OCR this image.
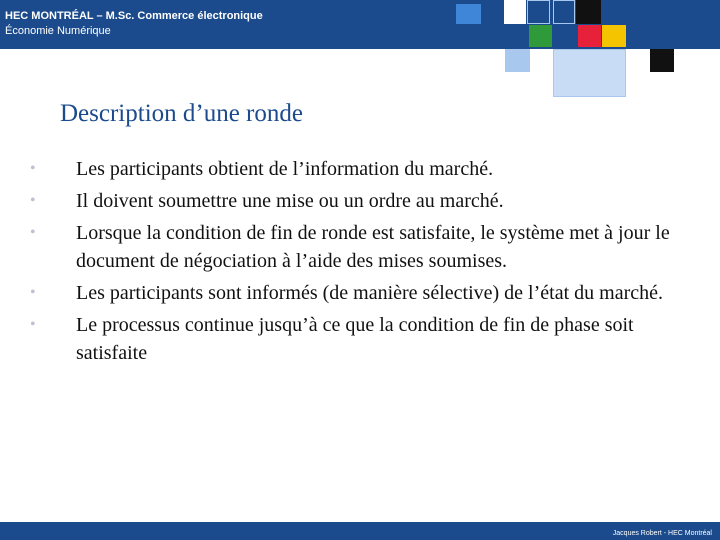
HEC MONTRÉAL – M.Sc. Commerce électronique
Économie Numérique
Description d’une ronde
• Les participants obtient de l’information du marché.
• Il doivent soumettre une mise ou un ordre au marché.
• Lorsque la condition de fin de ronde est satisfaite, le système met à jour le document de négociation à l’aide des mises soumises.
• Les participants sont informés (de manière sélective) de l’état du marché.
• Le processus continue jusqu’à ce que la condition de fin de phase soit satisfaite
Jacques Robert - HEC Montréal
